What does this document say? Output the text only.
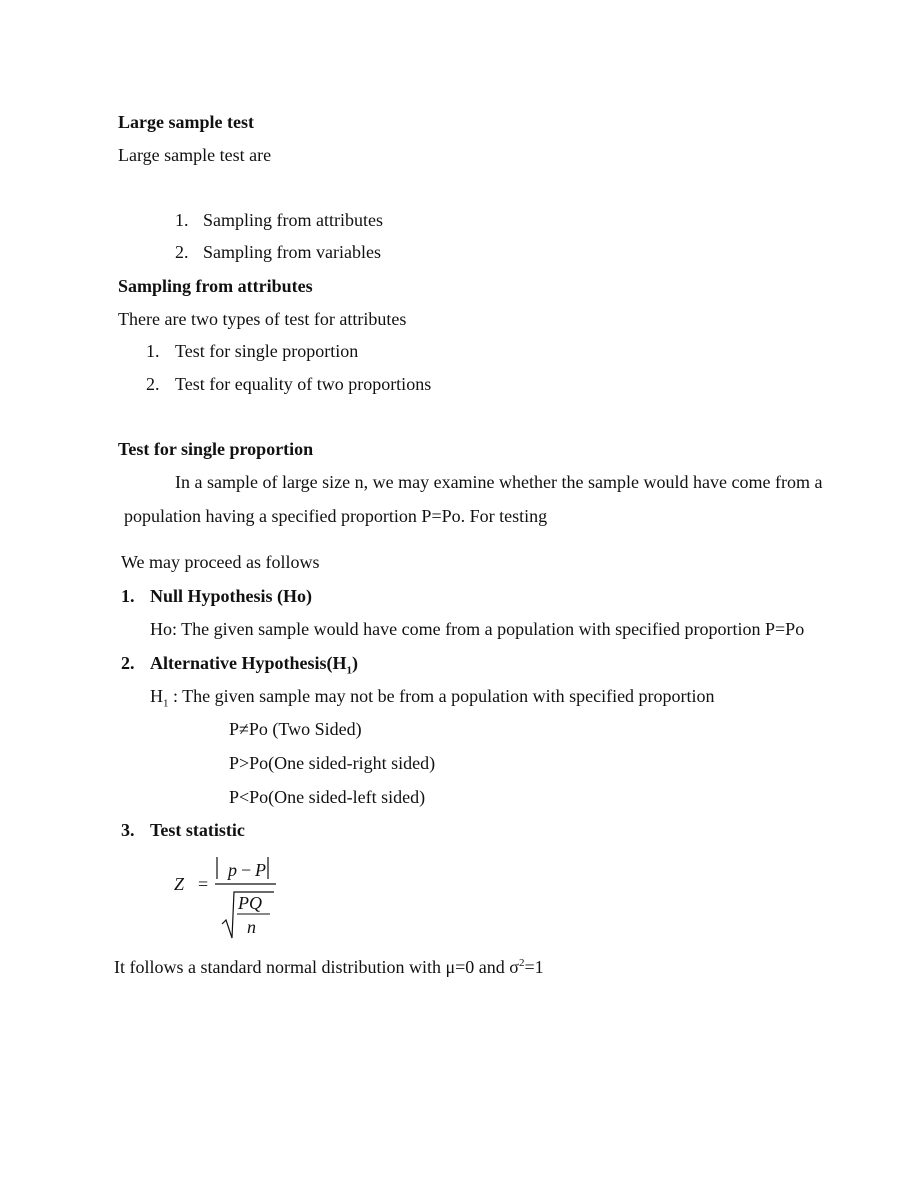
Large sample test
Large sample test are
1. Sampling from attributes
2. Sampling from variables
Sampling from attributes
There are two types of test for attributes
1. Test for single proportion
2. Test for equality of two proportions
Test for single proportion
In a sample of large size n, we may examine whether the sample would have come from a
population having a specified proportion P=Po. For testing
We may proceed as follows
1. Null Hypothesis (Ho)
Ho: The given sample would have come from a population with specified proportion P=Po
2. Alternative $Hypothesis(H_1)$
$H_1$ : The given sample may not be from a population with specified proportion
P≠Po (Two Sided)
P>Po(One sided-right sided)
P<Po(One sided-left sided)
3. Test statistic
Z =
p − P
PQ
n
It follows a standard normal distribution with μ=0 and $\sigma^2=1$
